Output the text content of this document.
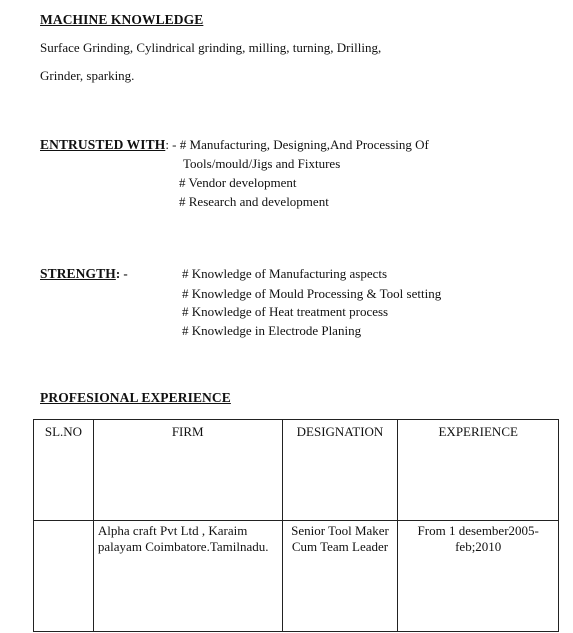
MACHINE KNOWLEDGE
Surface Grinding, Cylindrical grinding, milling, turning, Drilling,
Grinder, sparking.
ENTRUSTED WITH: - # Manufacturing, Designing,And Processing Of
Tools/mould/Jigs and Fixtures
# Vendor development
# Research and development
STRENGTH: -	# Knowledge of Manufacturing aspects
# Knowledge of Mould Processing & Tool setting
# Knowledge of Heat treatment process
# Knowledge in Electrode Planing
PROFESIONAL EXPERIENCE
SL.NO	FIRM	DESIGNATION	EXPERIENCE
	Alpha craft Pvt Ltd , Karaim palayam Coimbatore.Tamilnadu.	Senior Tool Maker Cum Team Leader	From 1 desember2005-feb;2010
